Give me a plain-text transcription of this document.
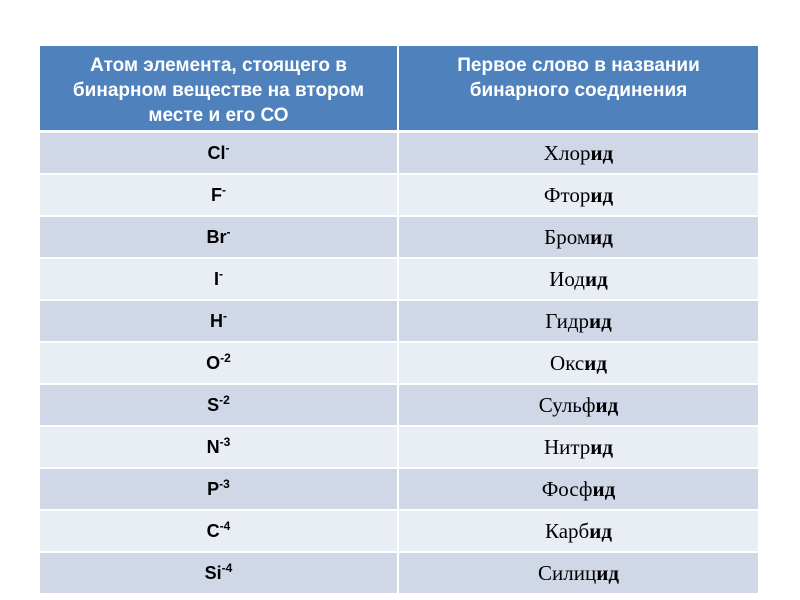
Атом элемента, стоящего в бинарном веществе на втором месте и его СО	Первое слово в названии бинарного соединения
Cl-	Хлорид
F-	Фторид
Br-	Бромид
I-	Иодид
H-	Гидрид
$O^{-2}$	Оксид
$S^{-2}$	Сульфид
$N^{-3}$	Нитрид
$P^{-3}$	Фосфид
$C^{-4}$	Карбид
$Si^{-4}$	Силицид
